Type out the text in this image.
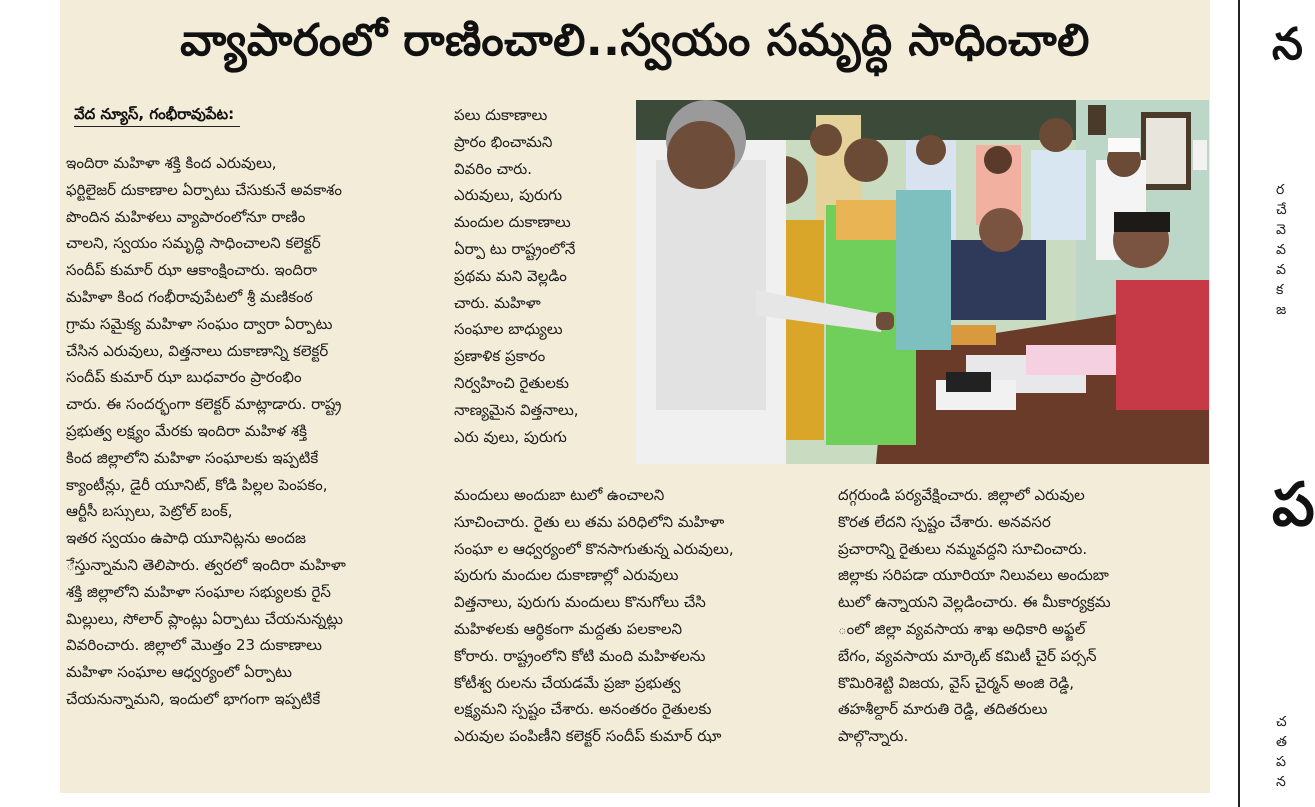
వ్యాపారంలో రాణించాలి..స్వయం సమృద్ధి సాధించాలి
వేద న్యూస్, గంభీరావుపేట:
ఇందిరా మహిళా శక్తి కింద ఎరువులు,
ఫర్టిలైజర్ దుకాణాల ఏర్పాటు చేసుకునే అవకాశం
పొందిన మహిళలు వ్యాపారంలోనూ రాణిం
చాలని, స్వయం సమృద్ధి సాధించాలని కలెక్టర్
సందీప్ కుమార్ ఝా ఆకాంక్షించారు. ఇందిరా
మహిళా కింద గంభీరావుపేటలో శ్రీ మణికంఠ
గ్రామ సమైక్య మహిళా సంఘం ద్వారా ఏర్పాటు
చేసిన ఎరువులు, విత్తనాలు దుకాణాన్ని కలెక్టర్
సందీప్ కుమార్ ఝా బుధవారం ప్రారంభిం
చారు. ఈ సందర్భంగా కలెక్టర్ మాట్లాడారు. రాష్ట్ర
ప్రభుత్వ లక్ష్యం మేరకు ఇందిరా మహిళ శక్తి
కింద జిల్లాలోని మహిళా సంఘాలకు ఇప్పటికే
క్యాంటీన్లు, డైరీ యూనిట్, కోడి పిల్లల పెంపకం,
ఆర్టీసీ బస్సులు, పెట్రోల్ బంక్,
ఇతర స్వయం ఉపాధి యూనిట్లను అందజ
ేస్తున్నామని తెలిపారు. త్వరలో ఇందిరా మహిళా
శక్తి జిల్లాలోని మహిళా సంఘాల సభ్యులకు రైస్
మిల్లులు, సోలార్ ప్లాంట్లు ఏర్పాటు చేయనున్నట్లు
వివరించారు. జిల్లాలో మొత్తం 23 దుకాణాలు
మహిళా సంఘాల ఆధ్వర్యంలో ఏర్పాటు
చేయనున్నామని, ఇందులో భాగంగా ఇప్పటికే
పలు దుకాణాలు
ప్రారం భించామని
వివరిం చారు.
ఎరువులు, పురుగు
మందుల దుకాణాలు
ఏర్పా టు రాష్ట్రంలోనే
ప్రథమ మని వెల్లడిం
చారు. మహిళా
సంఘాల బాధ్యులు
ప్రణాళిక ప్రకారం
నిర్వహించి రైతులకు
నాణ్యమైన విత్తనాలు,
ఎరు వులు, పురుగు
మందులు అందుబా టులో ఉంచాలని
సూచించారు. రైతు లు తమ పరిధిలోని మహిళా
సంఘా ల ఆధ్వర్యంలో కొనసాగుతున్న ఎరువులు,
పురుగు మందుల దుకాణాల్లో ఎరువులు
విత్తనాలు, పురుగు మందులు కొనుగోలు చేసి
మహిళలకు ఆర్థికంగా మద్దతు పలకాలని
కోరారు. రాష్ట్రంలోని కోటి మంది మహిళలను
కోటీశ్వ రులను చేయడమే ప్రజా ప్రభుత్వ
లక్ష్యమని స్పష్టం చేశారు. అనంతరం రైతులకు
ఎరువుల పంపిణీని కలెక్టర్ సందీప్ కుమార్ ఝా
దగ్గరుండి పర్యవేక్షించారు. జిల్లాలో ఎరువుల
కొరత లేదని స్పష్టం చేశారు. అనవసర
ప్రచారాన్ని రైతులు నమ్మవద్దని సూచించారు.
జిల్లాకు సరిపడా యూరియా నిలువలు అందుబా
టులో ఉన్నాయని వెల్లడించారు. ఈ మీకార్యక్రమ
ంలో జిల్లా వ్యవసాయ శాఖ అధికారి అఫ్జల్
బేగం, వ్యవసాయ మార్కెట్ కమిటీ చైర్ పర్సన్
కొమిరిశెట్టి విజయ, వైస్ చైర్మన్ అంజి రెడ్డి,
తహశీల్దార్ మారుతి రెడ్డి, తదితరులు
పాల్గొన్నారు.
న
ర
చే
వె
వ
వ
క
జ
ప
చ
త
ప
న
